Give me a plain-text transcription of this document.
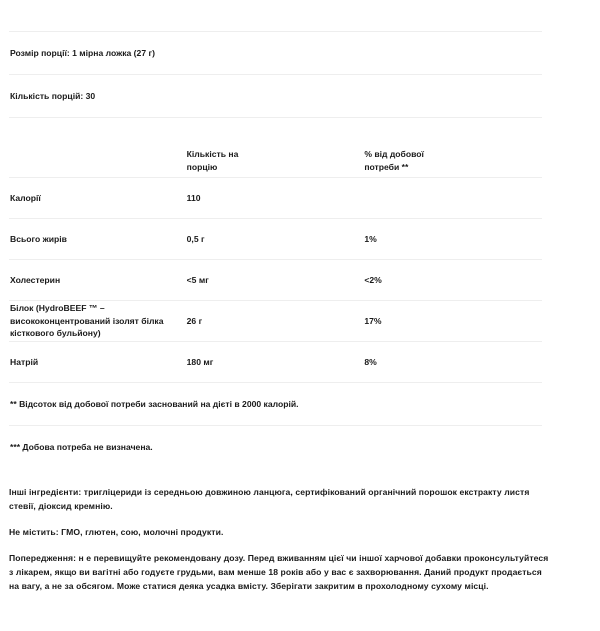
Розмір порції: 1 мірна ложка (27 г)		
Кількість порцій: 30		

	Кількість на порцію	% від добової потреби **

Калорії	110	
Всього жирів	0,5 г	1%
Холестерин	<5 мг	<2%
Білок (HydroBEEF ™ – висококонцентрований ізолят білка кісткового бульйону)	26 г	17%
Натрій	180 мг	8%
** Відсоток від добової потреби заснований на дієті в 2000 калорій.		
*** Добова потреба не визначена.		

Інші інгредієнти: тригліцериди із середньою довжиною ланцюга, сертифікований органічний порошок екстракту листя стевії, діоксид кремнію.

Не містить: ГМО, глютен, сою, молочні продукти.

Попередження: н е перевищуйте рекомендовану дозу. Перед вживанням цієї чи іншої харчової добавки проконсультуйтеся з лікарем, якщо ви вагітні або годуєте грудьми, вам менше 18 років або у вас є захворювання. Даний продукт продається на вагу, а не за обсягом. Може статися деяка усадка вмісту. Зберігати закритим в прохолодному сухому місці.
